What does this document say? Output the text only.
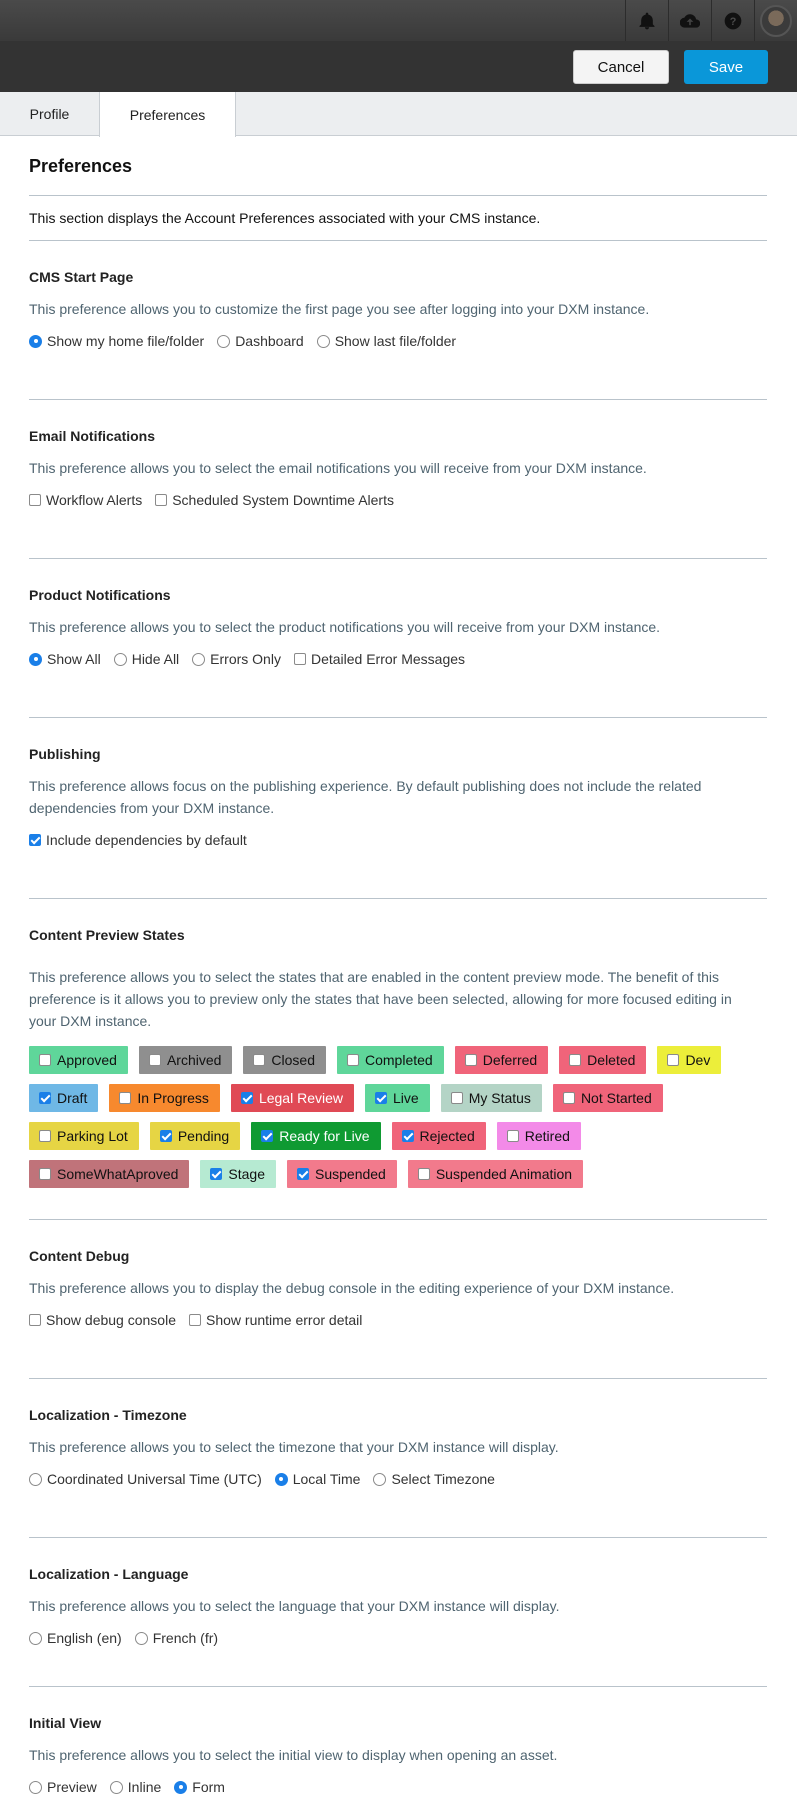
?
Cancel	Save
Profile	Preferences
Preferences
This section displays the Account Preferences associated with your CMS instance.
CMS Start Page
This preference allows you to customize the first page you see after logging into your DXM instance.
Show my home file/folder Dashboard Show last file/folder
Email Notifications
This preference allows you to select the email notifications you will receive from your DXM instance.
Workflow Alerts Scheduled System Downtime Alerts
Product Notifications
This preference allows you to select the product notifications you will receive from your DXM instance.
Show All Hide All Errors Only Detailed Error Messages
Publishing
This preference allows focus on the publishing experience. By default publishing does not include the related
dependencies from your DXM instance.
Include dependencies by default
Content Preview States
This preference allows you to select the states that are enabled in the content preview mode. The benefit of this
preference is it allows you to preview only the states that have been selected, allowing for more focused editing in
your DXM instance.
Approved	Archived	Closed	Completed	Deferred	Deleted	Dev
Draft	In Progress	Legal Review	Live	My Status	Not Started
Parking Lot	Pending	Ready for Live	Rejected	Retired
SomeWhatAproved	Stage	Suspended	Suspended Animation
Content Debug
This preference allows you to display the debug console in the editing experience of your DXM instance.
Show debug console Show runtime error detail
Localization - Timezone
This preference allows you to select the timezone that your DXM instance will display.
Coordinated Universal Time (UTC) Local Time Select Timezone
Localization - Language
This preference allows you to select the language that your DXM instance will display.
English (en) French (fr)
Initial View
This preference allows you to select the initial view to display when opening an asset.
Preview Inline Form
